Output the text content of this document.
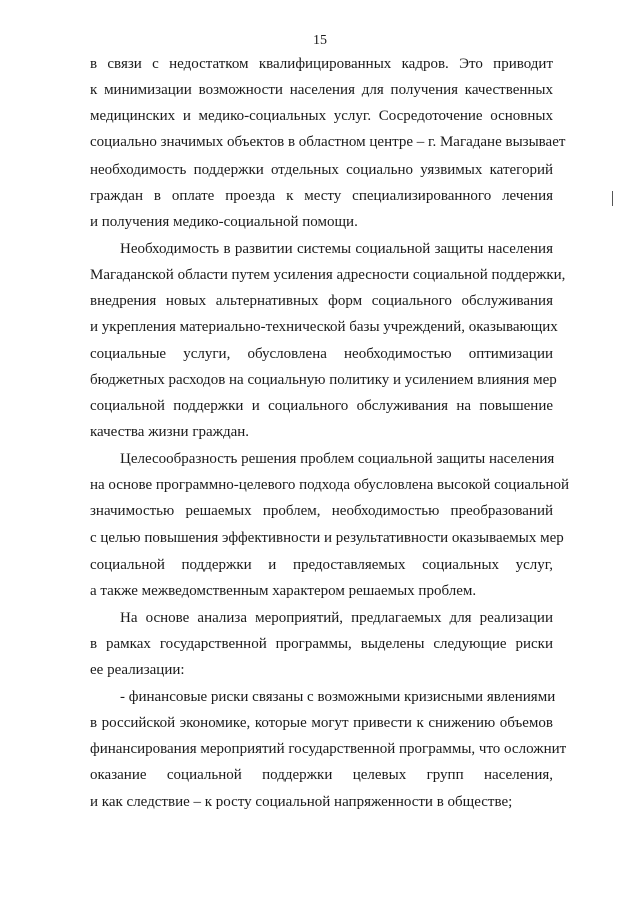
15
в связи с недостатком квалифицированных кадров. Это приводит
к минимизации возможности населения для получения качественных
медицинских и медико-социальных услуг. Сосредоточение основных
социально значимых объектов в областном центре – г. Магадане вызывает
необходимость поддержки отдельных социально уязвимых категорий
граждан в оплате проезда к месту специализированного лечения
и получения медико-социальной помощи.
Необходимость в развитии системы социальной защиты населения
Магаданской области путем усиления адресности социальной поддержки,
внедрения новых альтернативных форм социального обслуживания
и укрепления материально-технической базы учреждений, оказывающих
социальные услуги, обусловлена необходимостью оптимизации
бюджетных расходов на социальную политику и усилением влияния мер
социальной поддержки и социального обслуживания на повышение
качества жизни граждан.
Целесообразность решения проблем социальной защиты населения
на основе программно-целевого подхода обусловлена высокой социальной
значимостью решаемых проблем, необходимостью преобразований
с целью повышения эффективности и результативности оказываемых мер
социальной поддержки и предоставляемых социальных услуг,
а также межведомственным характером решаемых проблем.
На основе анализа мероприятий, предлагаемых для реализации
в рамках государственной программы, выделены следующие риски
ее реализации:
- финансовые риски связаны с возможными кризисными явлениями
в российской экономике, которые могут привести к снижению объемов
финансирования мероприятий государственной программы, что осложнит
оказание социальной поддержки целевых групп населения,
и как следствие – к росту социальной напряженности в обществе;
